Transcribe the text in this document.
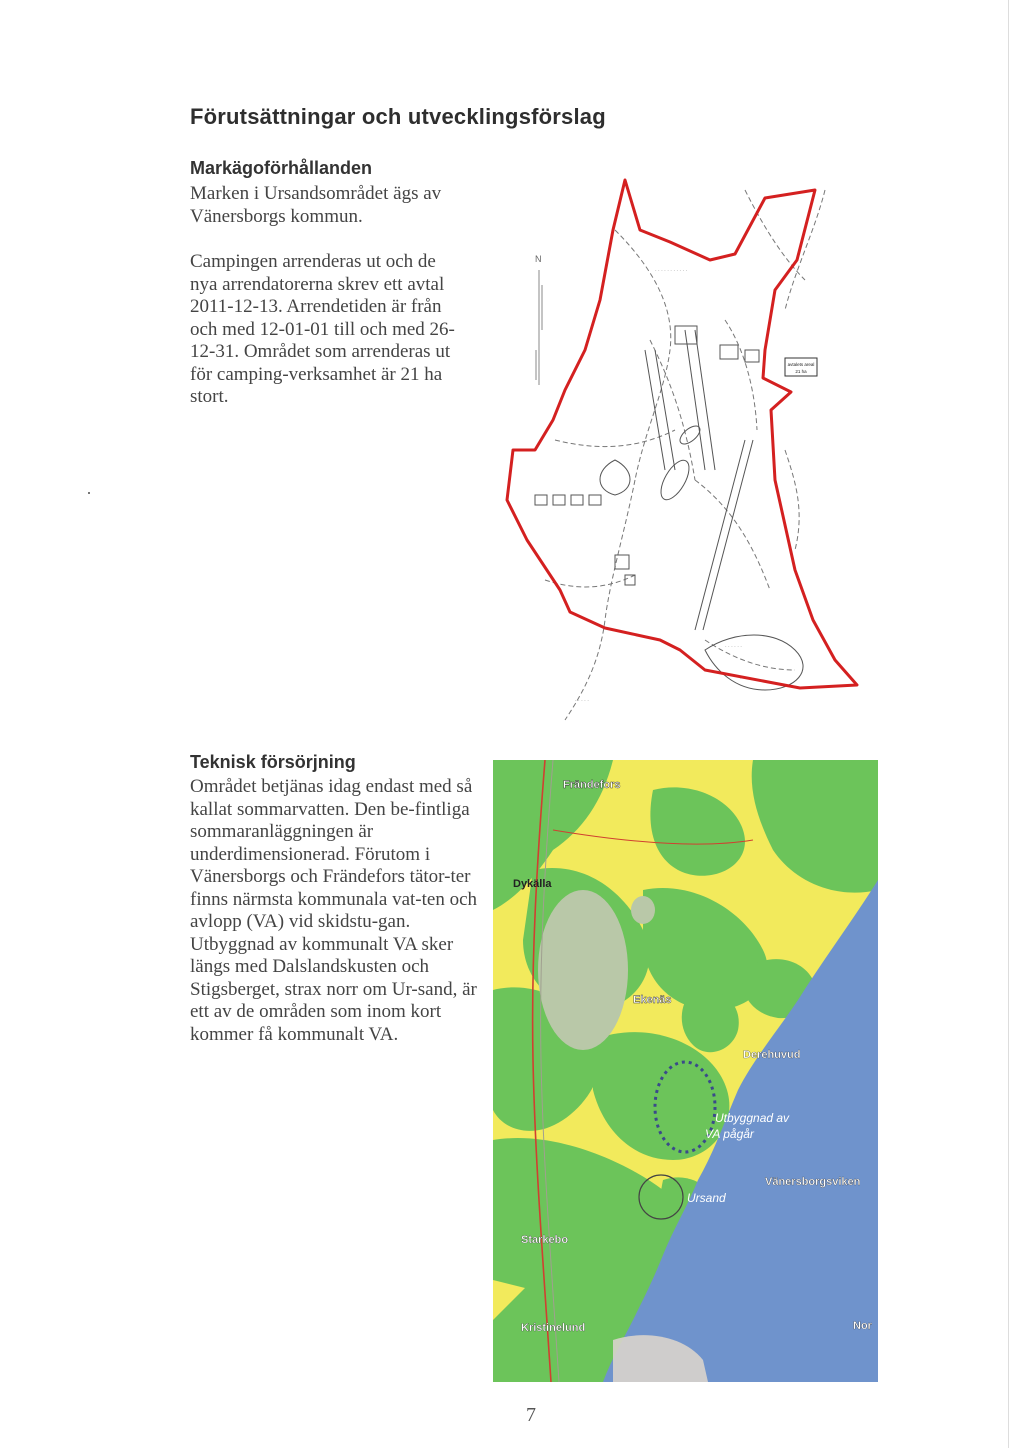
Förutsättningar och utvecklingsförslag
Markägoförhållanden

Marken i Ursandsområdet ägs av Vänersborgs kommun.

Campingen arrenderas ut och de nya arrendatorerna skrev ett avtal 2011-12-13. Arrendetiden är från och med 12-01-01 till och med 26-12-31. Området som arrenderas ut för camping-verksamhet är 21 ha stort.

N
· · · · · · · · · · ·
· · · · · ·
· · · · ·
· · · · ·
avtalets areal
21 ha
Teknisk försörjning

Området betjänas idag endast med så kallat sommarvatten. Den be-fintliga sommaranläggningen är underdimensionerad. Förutom i Vänersborgs och Frändefors tätor-ter finns närmsta kommunala vat-ten och avlopp (VA) vid skidstu-gan. Utbyggnad av kommunalt VA sker längs med Dalslandskusten och Stigsberget, strax norr om Ur-sand, är ett av de områden som inom kort kommer få kommunalt VA.

Frändefors
Dykälla
Ekenäs
Derehuvud
Utbyggnad av
VA pågår
Vänersborgsviken
Ursand
Starkebo
Kristinelund	Nor
7
